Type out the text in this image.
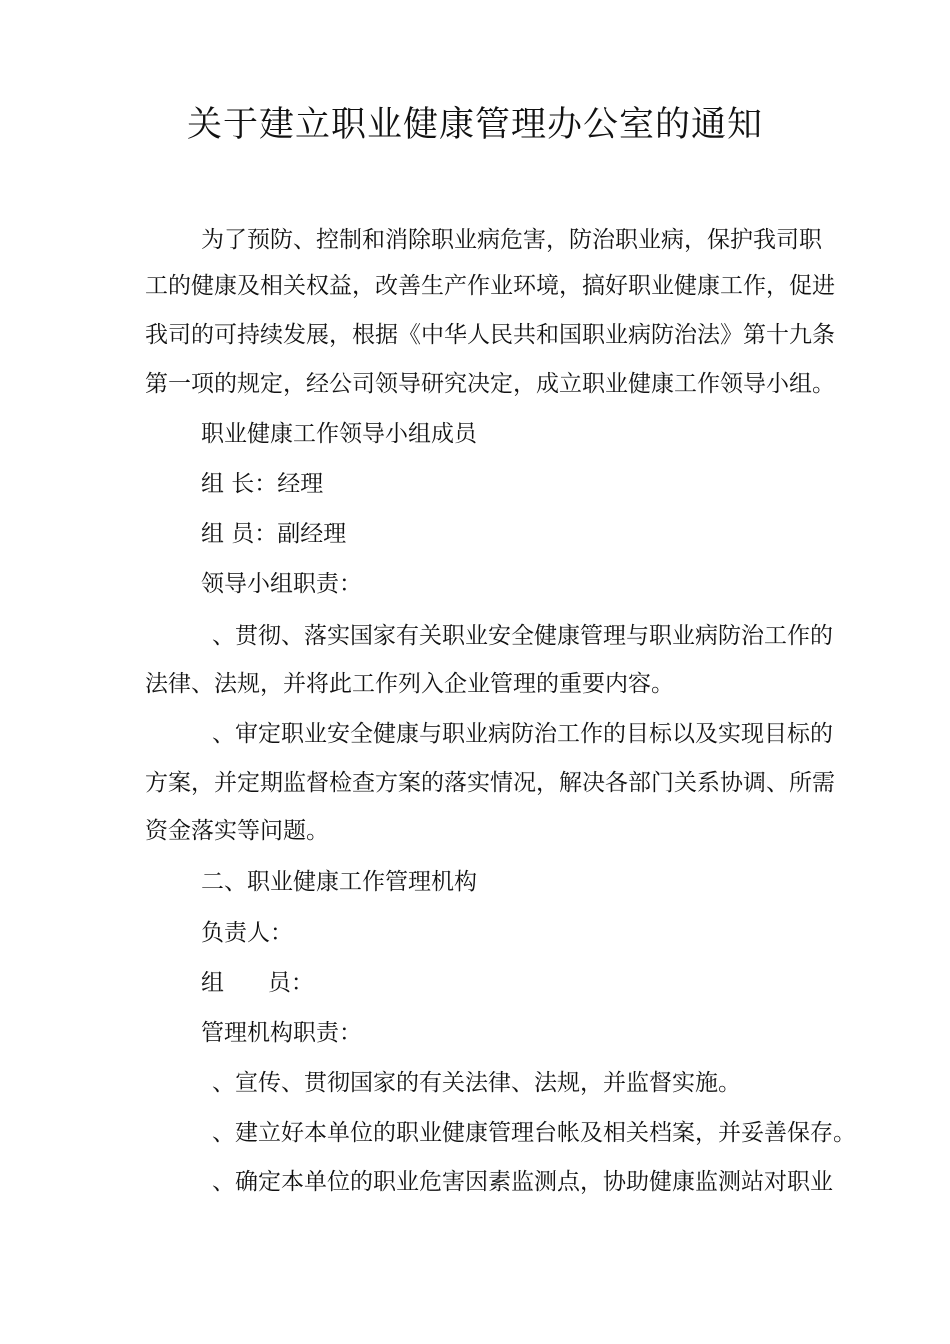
关于建立职业健康管理办公室的通知
为了预防、控制和消除职业病危害，防治职业病，保护我司职
工的健康及相关权益，改善生产作业环境，搞好职业健康工作，促进
我司的可持续发展，根据《中华人民共和国职业病防治法》第十九条
第一项的规定，经公司领导研究决定，成立职业健康工作领导小组。
职业健康工作领导小组成员
组 长：经理
组 员：副经理
领导小组职责：
、贯彻、落实国家有关职业安全健康管理与职业病防治工作的
法律、法规，并将此工作列入企业管理的重要内容。
、审定职业安全健康与职业病防治工作的目标以及实现目标的
方案，并定期监督检查方案的落实情况，解决各部门关系协调、所需
资金落实等问题。
二、职业健康工作管理机构
负责人：
组      员：
管理机构职责：
、宣传、贯彻国家的有关法律、法规，并监督实施。
、建立好本单位的职业健康管理台帐及相关档案，并妥善保存。
、确定本单位的职业危害因素监测点，协助健康监测站对职业
